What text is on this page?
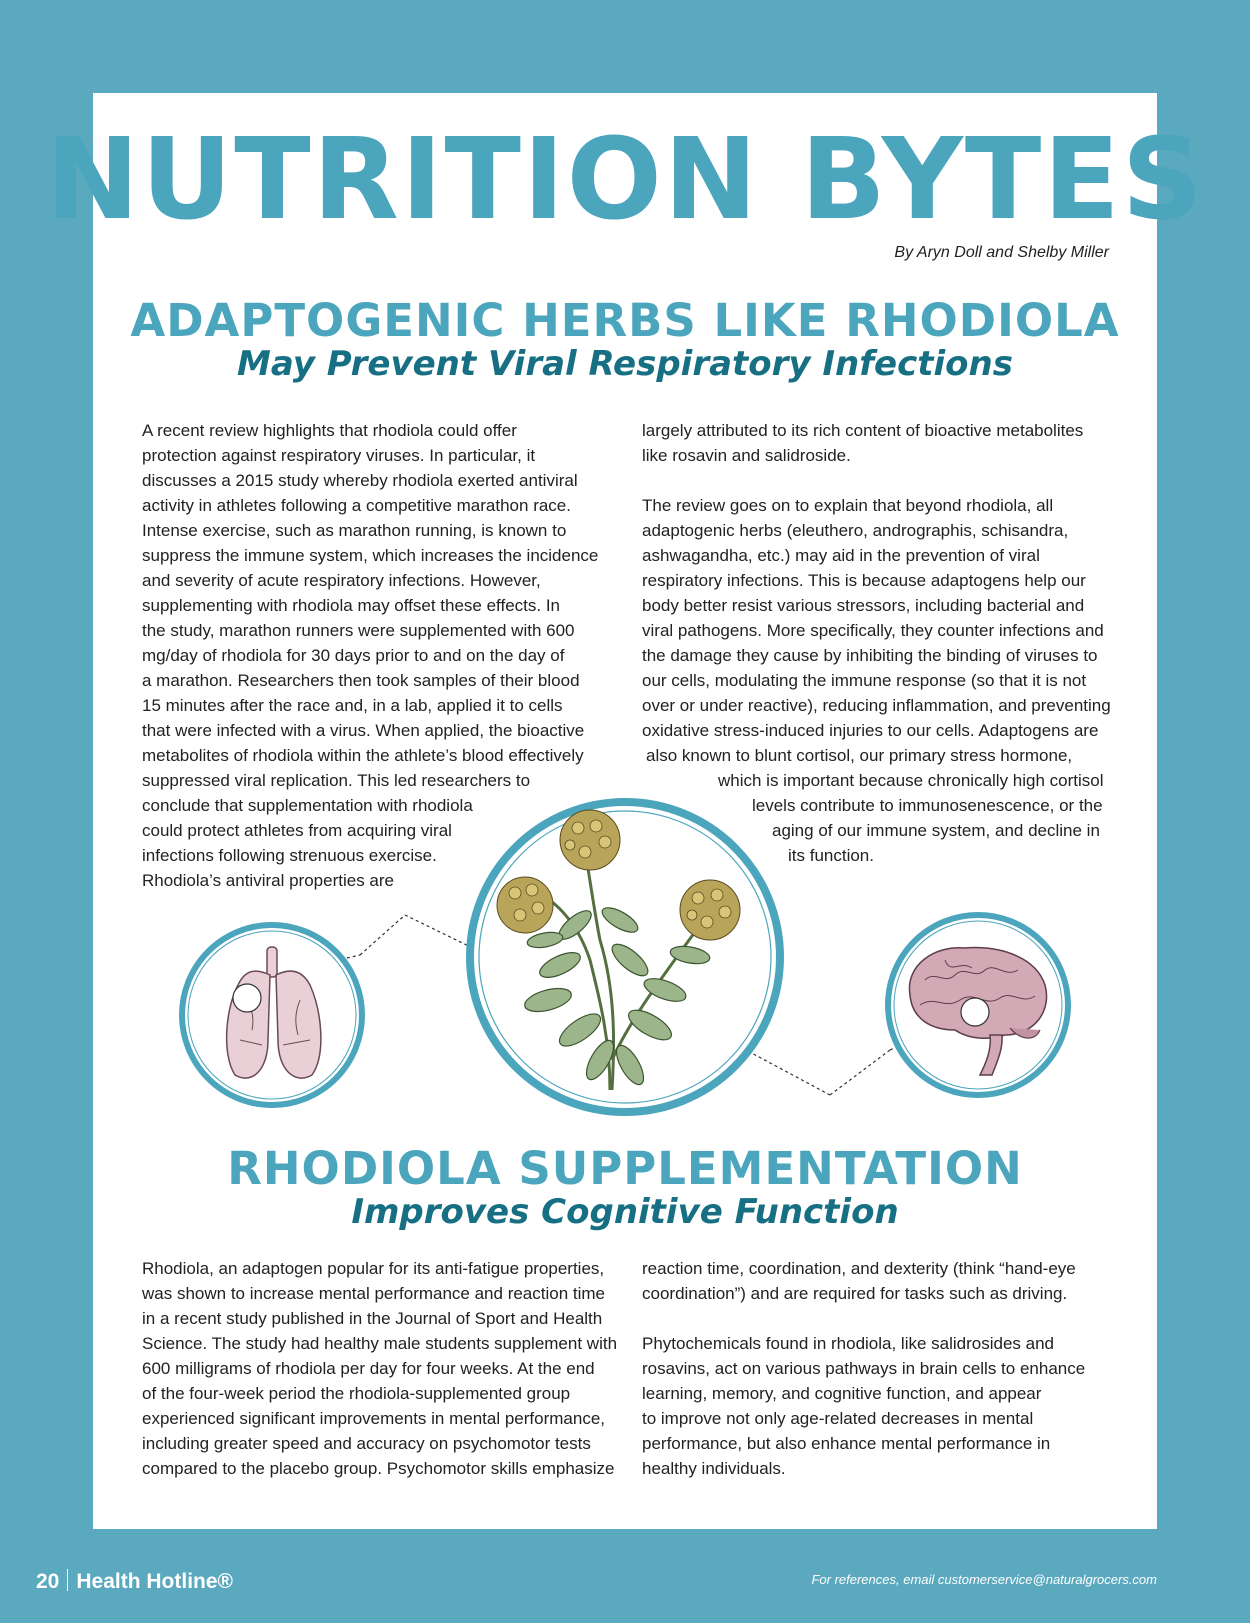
NUTRITION BYTES
By Aryn Doll and Shelby Miller
ADAPTOGENIC HERBS LIKE RHODIOLA
May Prevent Viral Respiratory Infections
A recent review highlights that rhodiola could offer
protection against respiratory viruses. In particular, it
discusses a 2015 study whereby rhodiola exerted antiviral
activity in athletes following a competitive marathon race.
Intense exercise, such as marathon running, is known to
suppress the immune system, which increases the incidence
and severity of acute respiratory infections. However,
supplementing with rhodiola may offset these effects. In
the study, marathon runners were supplemented with 600
mg/day of rhodiola for 30 days prior to and on the day of
a marathon. Researchers then took samples of their blood
15 minutes after the race and, in a lab, applied it to cells
that were infected with a virus. When applied, the bioactive
metabolites of rhodiola within the athlete’s blood effectively
suppressed viral replication. This led researchers to
conclude that supplementation with rhodiola
could protect athletes from acquiring viral
infections following strenuous exercise.
Rhodiola’s antiviral properties are
largely attributed to its rich content of bioactive metabolites
like rosavin and salidroside.
The review goes on to explain that beyond rhodiola, all
adaptogenic herbs (eleuthero, andrographis, schisandra,
ashwagandha, etc.) may aid in the prevention of viral
respiratory infections. This is because adaptogens help our
body better resist various stressors, including bacterial and
viral pathogens. More specifically, they counter infections and
the damage they cause by inhibiting the binding of viruses to
our cells, modulating the immune response (so that it is not
over or under reactive), reducing inflammation, and preventing
oxidative stress-induced injuries to our cells. Adaptogens are
also known to blunt cortisol, our primary stress hormone,
which is important because chronically high cortisol
levels contribute to immunosenescence, or the
aging of our immune system, and decline in
its function.
RHODIOLA SUPPLEMENTATION
Improves Cognitive Function
Rhodiola, an adaptogen popular for its anti-fatigue properties,
was shown to increase mental performance and reaction time
in a recent study published in the Journal of Sport and Health
Science. The study had healthy male students supplement with
600 milligrams of rhodiola per day for four weeks. At the end
of the four-week period the rhodiola-supplemented group
experienced significant improvements in mental performance,
including greater speed and accuracy on psychomotor tests
compared to the placebo group. Psychomotor skills emphasize
reaction time, coordination, and dexterity (think “hand-eye
coordination”) and are required for tasks such as driving.
Phytochemicals found in rhodiola, like salidrosides and
rosavins, act on various pathways in brain cells to enhance
learning, memory, and cognitive function, and appear
to improve not only age-related decreases in mental
performance, but also enhance mental performance in
healthy individuals.
20 Health Hotline®	For references, email customerservice@naturalgrocers.com
